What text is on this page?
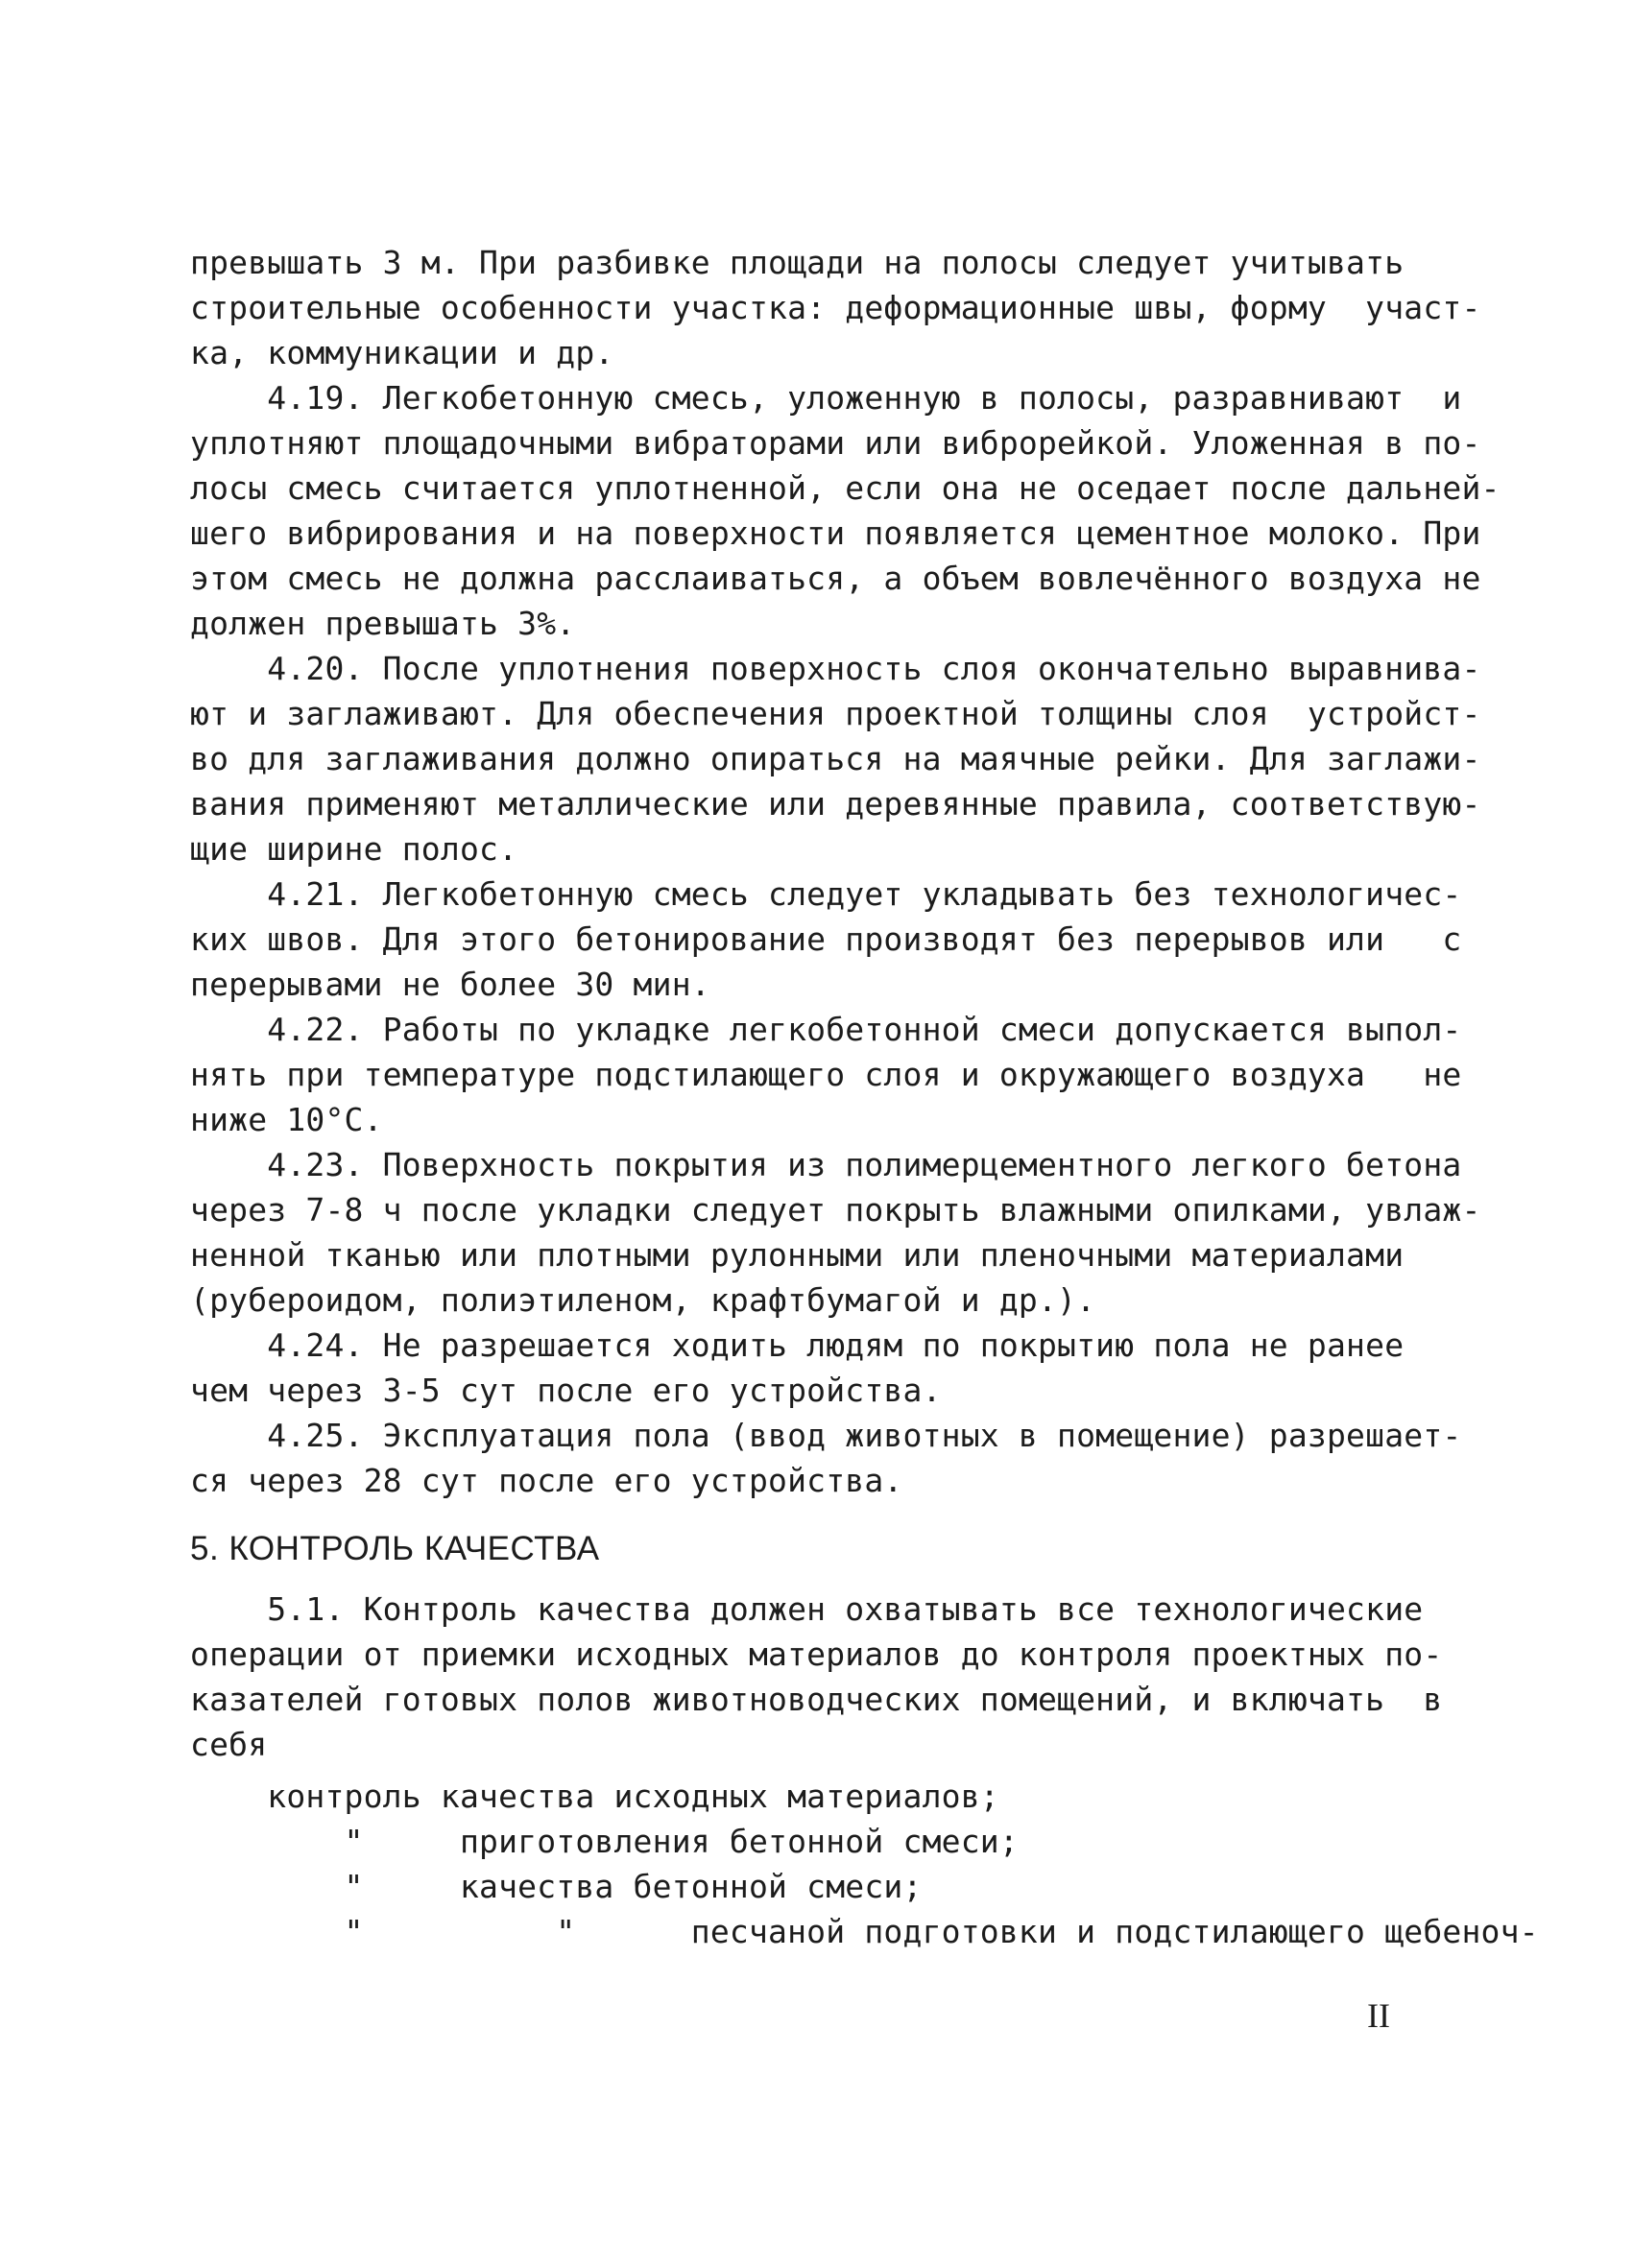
превышать 3 м. При разбивке площади на полосы следует учитывать
строительные особенности участка: деформационные швы, форму  участ-
ка, коммуникации и др.
4.19. Легкобетонную смесь, уложенную в полосы, разравнивают  и
уплотняют площадочными вибраторами или виброрейкой. Уложенная в по-
лосы смесь считается уплотненной, если она не оседает после дальней-
шего вибрирования и на поверхности появляется цементное молоко. При
этом смесь не должна расслаиваться, а объем вовлечённого воздуха не
должен превышать 3%.
4.20. После уплотнения поверхность слоя окончательно выравнива-
ют и заглаживают. Для обеспечения проектной толщины слоя  устройст-
во для заглаживания должно опираться на маячные рейки. Для заглажи-
вания применяют металлические или деревянные правила, соответствую-
щие ширине полос.
4.21. Легкобетонную смесь следует укладывать без технологичес-
ких швов. Для этого бетонирование производят без перерывов или   с
перерывами не более 30 мин.
4.22. Работы по укладке легкобетонной смеси допускается выпол-
нять при температуре подстилающего слоя и окружающего воздуха   не
ниже 10°С.
4.23. Поверхность покрытия из полимерцементного легкого бетона
через 7-8 ч после укладки следует покрыть влажными опилками, увлаж-
ненной тканью или плотными рулонными или пленочными материалами
(рубероидом, полиэтиленом, крафтбумагой и др.).
4.24. Не разрешается ходить людям по покрытию пола не ранее
чем через 3-5 сут после его устройства.
4.25. Эксплуатация пола (ввод животных в помещение) разрешает-
ся через 28 сут после его устройства.
5. КОНТРОЛЬ КАЧЕСТВА
5.1. Контроль качества должен охватывать все технологические
операции от приемки исходных материалов до контроля проектных по-
казателей готовых полов животноводческих помещений, и включать  в
себя
контроль качества исходных материалов;
"     приготовления бетонной смеси;
"     качества бетонной смеси;
"          "      песчаной подготовки и подстилающего щебеноч-
II
